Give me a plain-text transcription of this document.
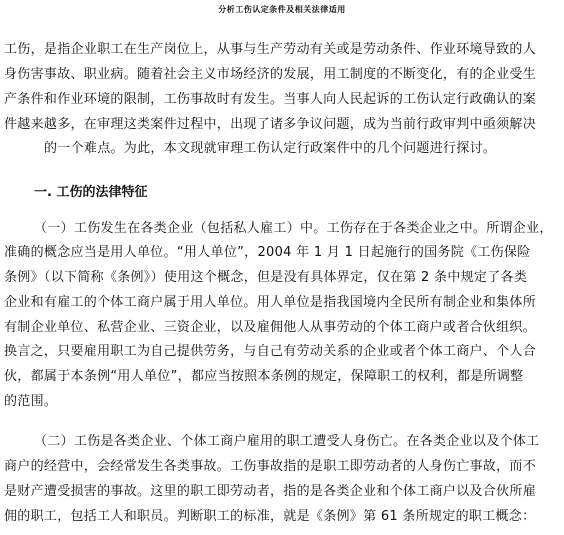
分析工伤认定条件及相关法律适用
工伤，是指企业职工在生产岗位上，从事与生产劳动有关或是劳动条件、作业环境导致的人
身伤害事故、职业病。随着社会主义市场经济的发展，用工制度的不断变化，有的企业受生
产条件和作业环境的限制，工伤事故时有发生。当事人向人民起诉的工伤认定行政确认的案
件越来越多，在审理这类案件过程中，出现了诸多争议问题，成为当前行政审判中亟须解决
的一个难点。为此，本文现就审理工伤认定行政案件中的几个问题进行探讨。
一. 工伤的法律特征
（一）工伤发生在各类企业（包括私人雇工）中。工伤存在于各类企业之中。所谓企业，
准确的概念应当是用人单位。“用人单位”，2004 年 1 月 1 日起施行的国务院《工伤保险
条例》（以下简称《条例》）使用这个概念，但是没有具体界定，仅在第 2 条中规定了各类
企业和有雇工的个体工商户属于用人单位。用人单位是指我国境内全民所有制企业和集体所
有制企业单位、私营企业、三资企业，以及雇佣他人从事劳动的个体工商户或者合伙组织。
换言之，只要雇用职工为自己提供劳务，与自己有劳动关系的企业或者个体工商户、个人合
伙，都属于本条例“用人单位”，都应当按照本条例的规定，保障职工的权利，都是所调整
的范围。
（二）工伤是各类企业、个体工商户雇用的职工遭受人身伤亡。在各类企业以及个体工
商户的经营中，会经常发生各类事故。工伤事故指的是职工即劳动者的人身伤亡事故，而不
是财产遭受损害的事故。这里的职工即劳动者，指的是各类企业和个体工商户以及合伙所雇
佣的职工，包括工人和职员。判断职工的标准，就是《条例》第 61 条所规定的职工概念：
